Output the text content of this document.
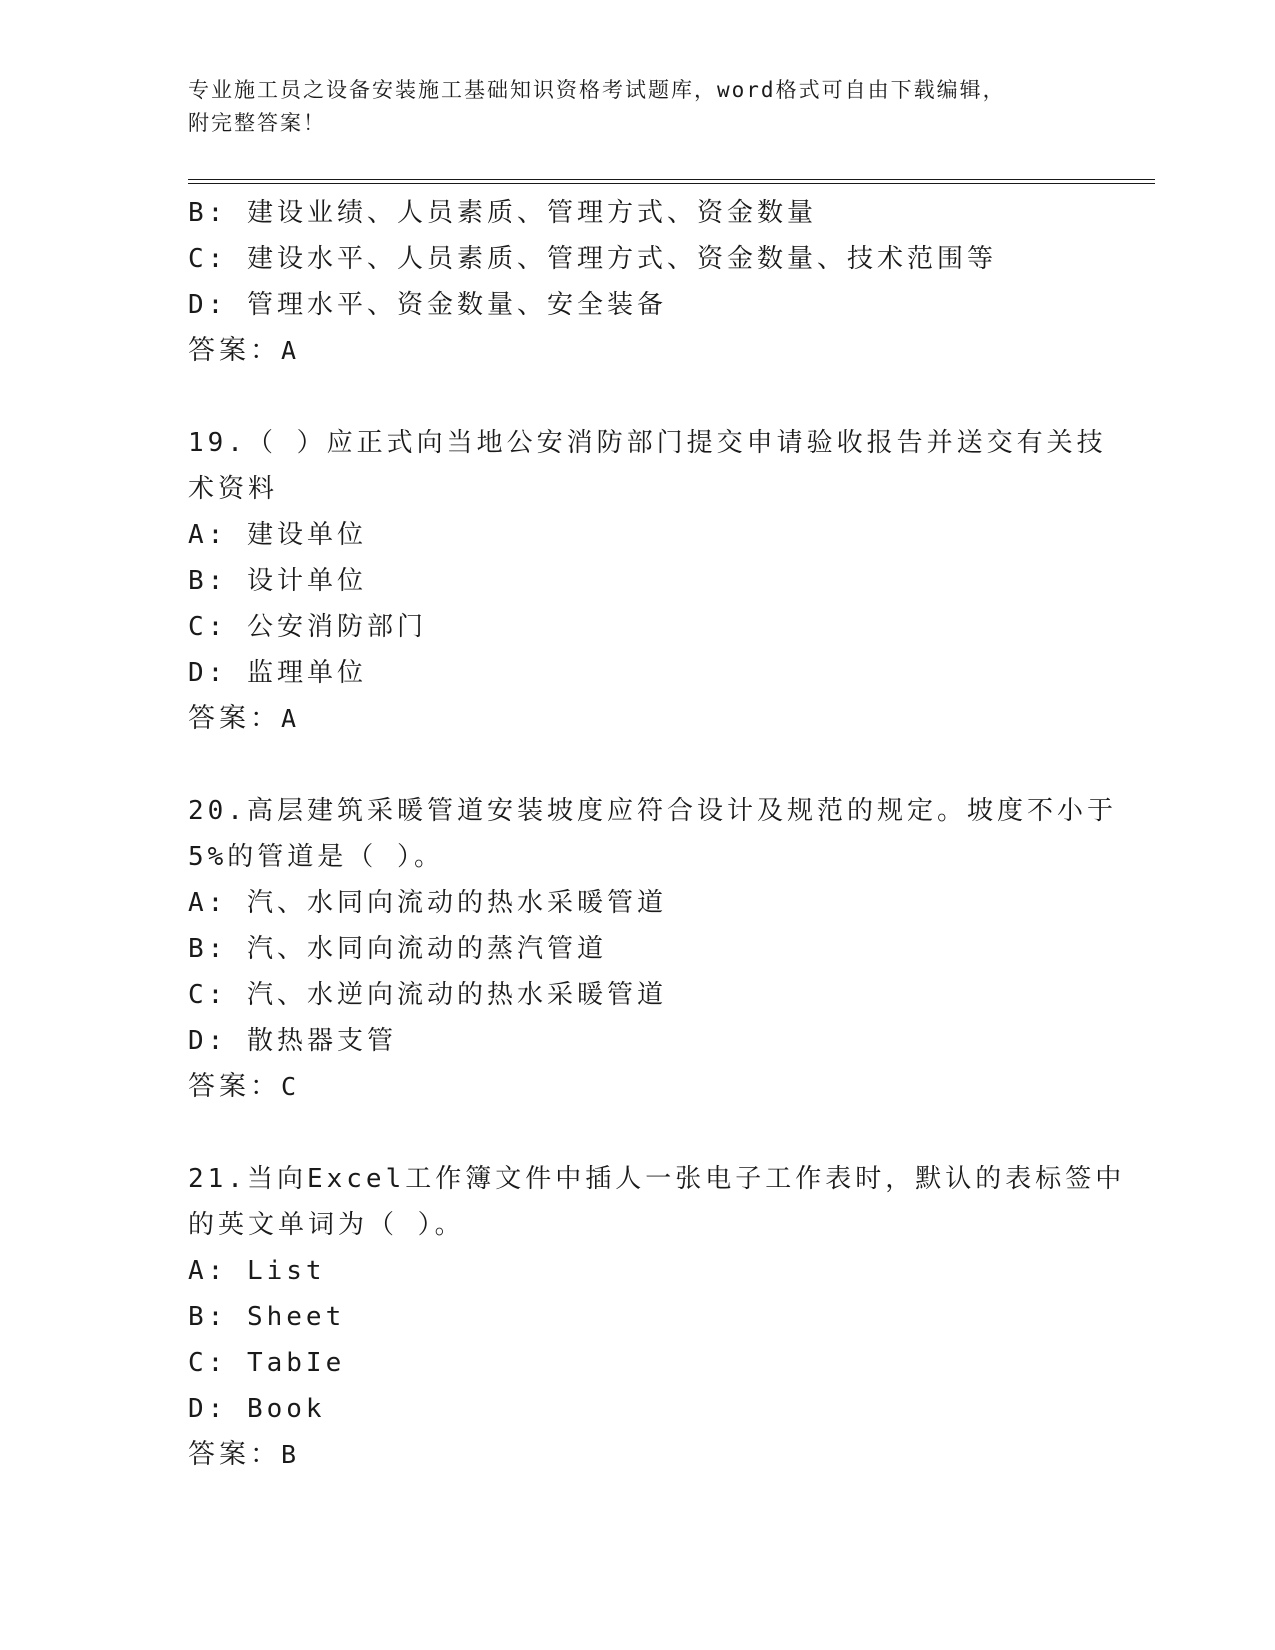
专业施工员之设备安装施工基础知识资格考试题库，word格式可自由下载编辑，
附完整答案！
B: 建设业绩、人员素质、管理方式、资金数量
C: 建设水平、人员素质、管理方式、资金数量、技术范围等
D: 管理水平、资金数量、安全装备
答案：A
19.（ ）应正式向当地公安消防部门提交申请验收报告并送交有关技
术资料
A: 建设单位
B: 设计单位
C: 公安消防部门
D: 监理单位
答案：A
20.高层建筑采暖管道安装坡度应符合设计及规范的规定。坡度不小于
5%的管道是（ ）。
A: 汽、水同向流动的热水采暖管道
B: 汽、水同向流动的蒸汽管道
C: 汽、水逆向流动的热水采暖管道
D: 散热器支管
答案：C
21.当向Excel工作簿文件中插人一张电子工作表时，默认的表标签中
的英文单词为（ ）。
A: List
B: Sheet
C: TabIe
D: Book
答案：B
